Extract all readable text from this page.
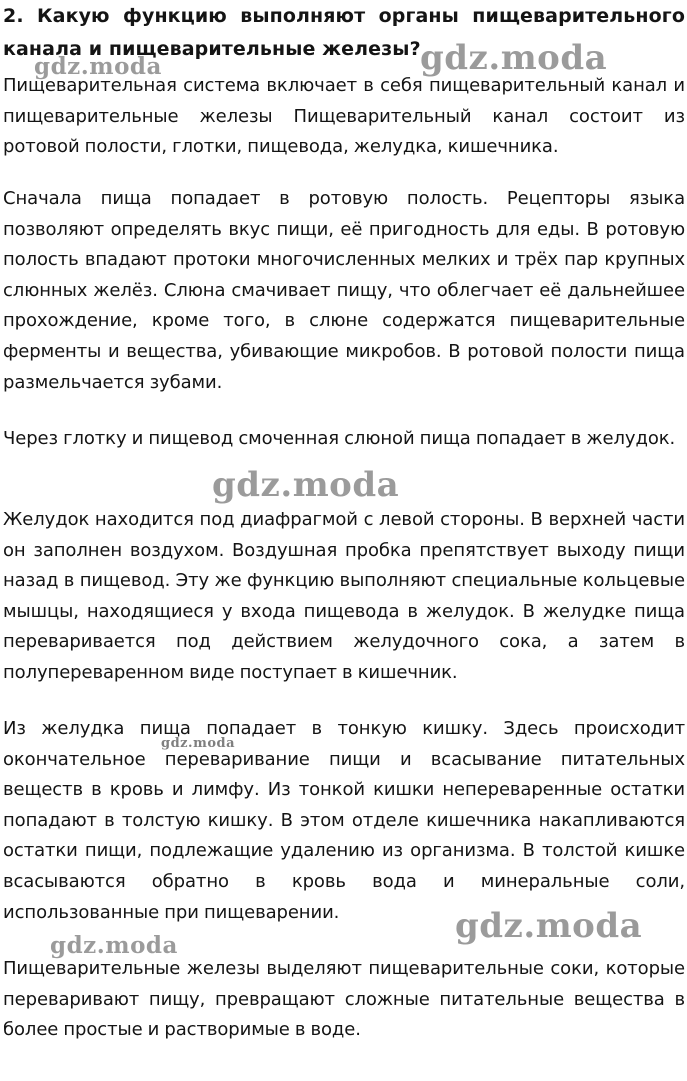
2. Какую функцию выполняют органы пищеварительного канала и пищеварительные железы?

Пищеварительная система включает в себя пищеварительный канал и пищеварительные железы Пищеварительный канал состоит из ротовой полости, глотки, пищевода, желудка, кишечника.

Сначала пища попадает в ротовую полость. Рецепторы языка позволяют определять вкус пищи, её пригодность для еды. В ротовую полость впадают протоки многочисленных мелких и трёх пар крупных слюнных желёз. Слюна смачивает пищу, что облегчает её дальнейшее прохождение, кроме того, в слюне содержатся пищеварительные ферменты и вещества, убивающие микробов. В ротовой полости пища размельчается зубами.

Через глотку и пищевод смоченная слюной пища попадает в желудок.

Желудок находится под диафрагмой с левой стороны. В верхней части он заполнен воздухом. Воздушная пробка препятствует выходу пищи назад в пищевод. Эту же функцию выполняют специальные кольцевые мышцы, находящиеся у входа пищевода в желудок. В желудке пища переваривается под действием желудочного сока, а затем в полупереваренном виде поступает в кишечник.

Из желудка пища попадает в тонкую кишку. Здесь происходит окончательное переваривание пищи и всасывание питательных веществ в кровь и лимфу. Из тонкой кишки непереваренные остатки попадают в толстую кишку. В этом отделе кишечника накапливаются остатки пищи, подлежащие удалению из организма. В толстой кишке всасываются обратно в кровь вода и минеральные соли, использованные при пищеварении.

Пищеварительные железы выделяют пищеварительные соки, которые переваривают пищу, превращают сложные питательные вещества в более простые и растворимые в воде.

gdz.moda	gdz.moda
gdz.moda
gdz.moda
gdz.moda
gdz.moda
